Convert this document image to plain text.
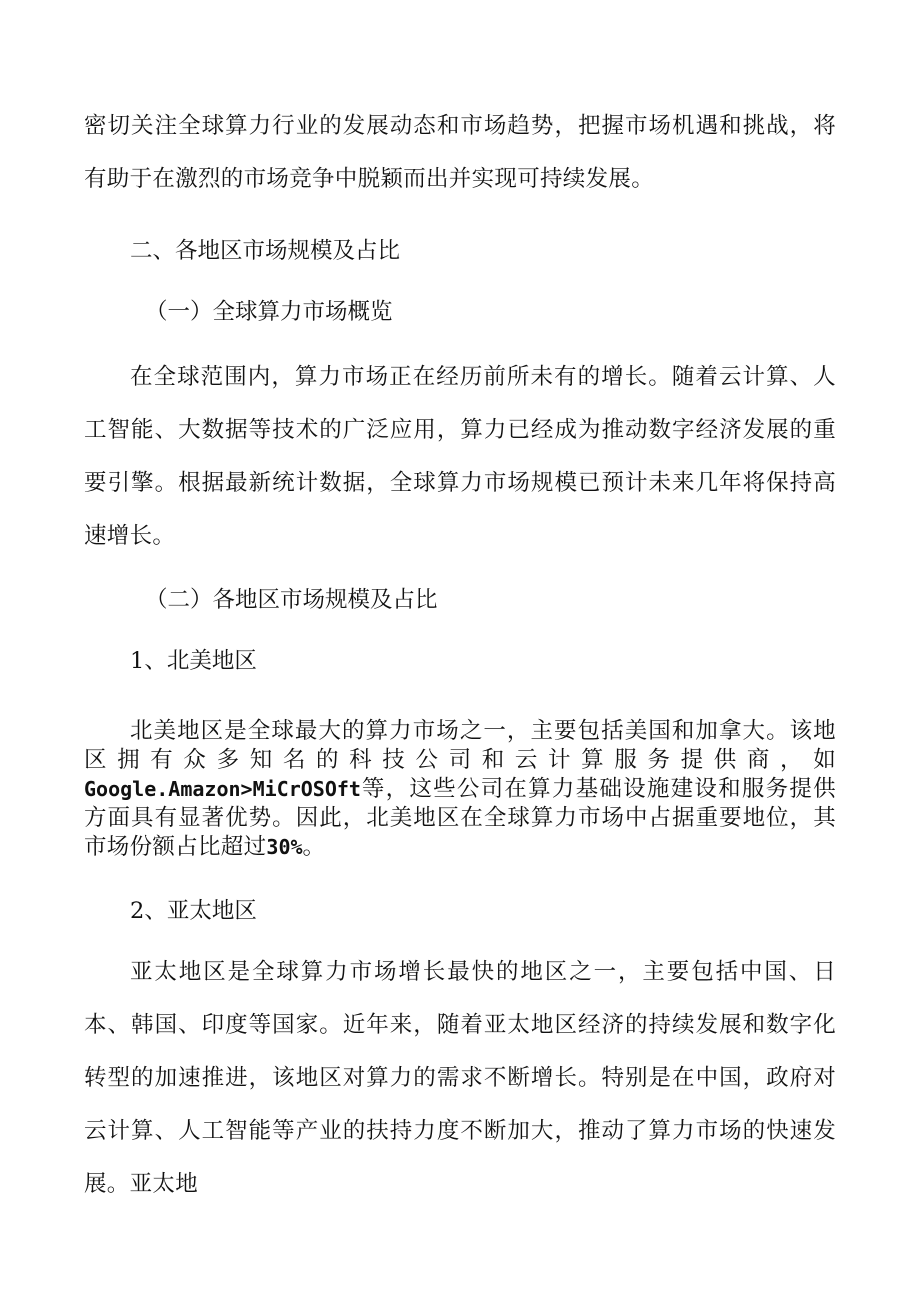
密切关注全球算力行业的发展动态和市场趋势，把握市场机遇和挑战，将有助于在激烈的市场竞争中脱颖而出并实现可持续发展。
二、各地区市场规模及占比
（一）全球算力市场概览
在全球范围内，算力市场正在经历前所未有的增长。随着云计算、人工智能、大数据等技术的广泛应用，算力已经成为推动数字经济发展的重要引擎。根据最新统计数据，全球算力市场规模已预计未来几年将保持高速增长。
（二）各地区市场规模及占比
1、北美地区
北美地区是全球最大的算力市场之一，主要包括美国和加拿大。该地区拥有众多知名的科技公司和云计算服务提供商，如Google.Amazon>MiCrOSOft等，这些公司在算力基础设施建设和服务提供方面具有显著优势。因此，北美地区在全球算力市场中占据重要地位，其市场份额占比超过30%。
2、亚太地区
亚太地区是全球算力市场增长最快的地区之一，主要包括中国、日本、韩国、印度等国家。近年来，随着亚太地区经济的持续发展和数字化转型的加速推进，该地区对算力的需求不断增长。特别是在中国，政府对云计算、人工智能等产业的扶持力度不断加大，推动了算力市场的快速发展。亚太地
